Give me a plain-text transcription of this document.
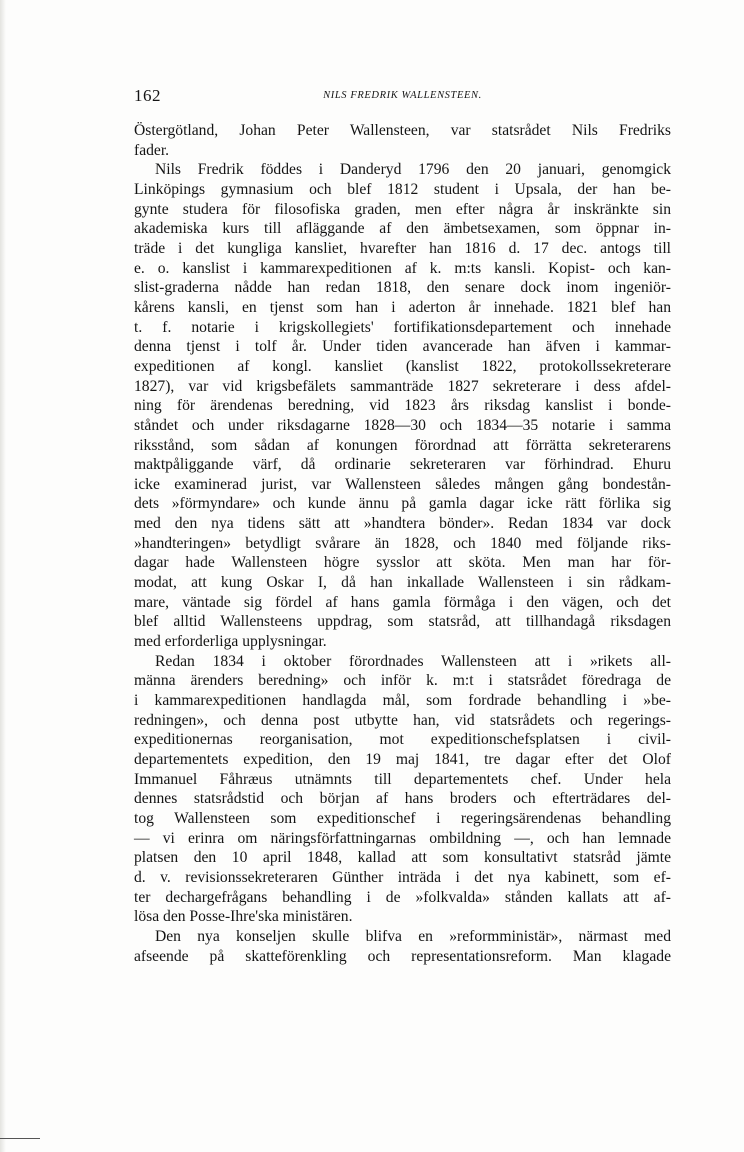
162	NILS FREDRIK WALLENSTEEN.
Östergötland, Johan Peter Wallensteen, var statsrådet Nils Fredriks
fader.
Nils Fredrik föddes i Danderyd 1796 den 20 januari, genomgick
Linköpings gymnasium och blef 1812 student i Upsala, der han be-
gynte studera för filosofiska graden, men efter några år inskränkte sin
akademiska kurs till afläggande af den ämbetsexamen, som öppnar in-
träde i det kungliga kansliet, hvarefter han 1816 d. 17 dec. antogs till
e. o. kanslist i kammarexpeditionen af k. m:ts kansli. Kopist- och kan-
slist-graderna nådde han redan 1818, den senare dock inom ingeniör-
kårens kansli, en tjenst som han i aderton år innehade. 1821 blef han
t. f. notarie i krigskollegiets' fortifikationsdepartement och innehade
denna tjenst i tolf år. Under tiden avancerade han äfven i kammar-
expeditionen af kongl. kansliet (kanslist 1822, protokollssekreterare
1827), var vid krigsbefälets sammanträde 1827 sekreterare i dess afdel-
ning för ärendenas beredning, vid 1823 års riksdag kanslist i bonde-
ståndet och under riksdagarne 1828—30 och 1834—35 notarie i samma
riksstånd, som sådan af konungen förordnad att förrätta sekreterarens
maktpåliggande värf, då ordinarie sekreteraren var förhindrad. Ehuru
icke examinerad jurist, var Wallensteen således mången gång bondestån-
dets »förmyndare» och kunde ännu på gamla dagar icke rätt förlika sig
med den nya tidens sätt att »handtera bönder». Redan 1834 var dock
»handteringen» betydligt svårare än 1828, och 1840 med följande riks-
dagar hade Wallensteen högre sysslor att sköta. Men man har för-
modat, att kung Oskar I, då han inkallade Wallensteen i sin rådkam-
mare, väntade sig fördel af hans gamla förmåga i den vägen, och det
blef alltid Wallensteens uppdrag, som statsråd, att tillhandagå riksdagen
med erforderliga upplysningar.
Redan 1834 i oktober förordnades Wallensteen att i »rikets all-
männa ärenders beredning» och inför k. m:t i statsrådet föredraga de
i kammarexpeditionen handlagda mål, som fordrade behandling i »be-
redningen», och denna post utbytte han, vid statsrådets och regerings-
expeditionernas reorganisation, mot expeditionschefsplatsen i civil-
departementets expedition, den 19 maj 1841, tre dagar efter det Olof
Immanuel Fåhræus utnämnts till departementets chef. Under hela
dennes statsrådstid och början af hans broders och efterträdares del-
tog Wallensteen som expeditionschef i regeringsärendenas behandling
— vi erinra om näringsförfattningarnas ombildning —, och han lemnade
platsen den 10 april 1848, kallad att som konsultativt statsråd jämte
d. v. revisionssekreteraren Günther inträda i det nya kabinett, som ef-
ter dechargefrågans behandling i de »folkvalda» stånden kallats att af-
lösa den Posse-Ihre'ska ministären.
Den nya konseljen skulle blifva en »reformministär», närmast med
afseende på skatteförenkling och representationsreform. Man klagade
